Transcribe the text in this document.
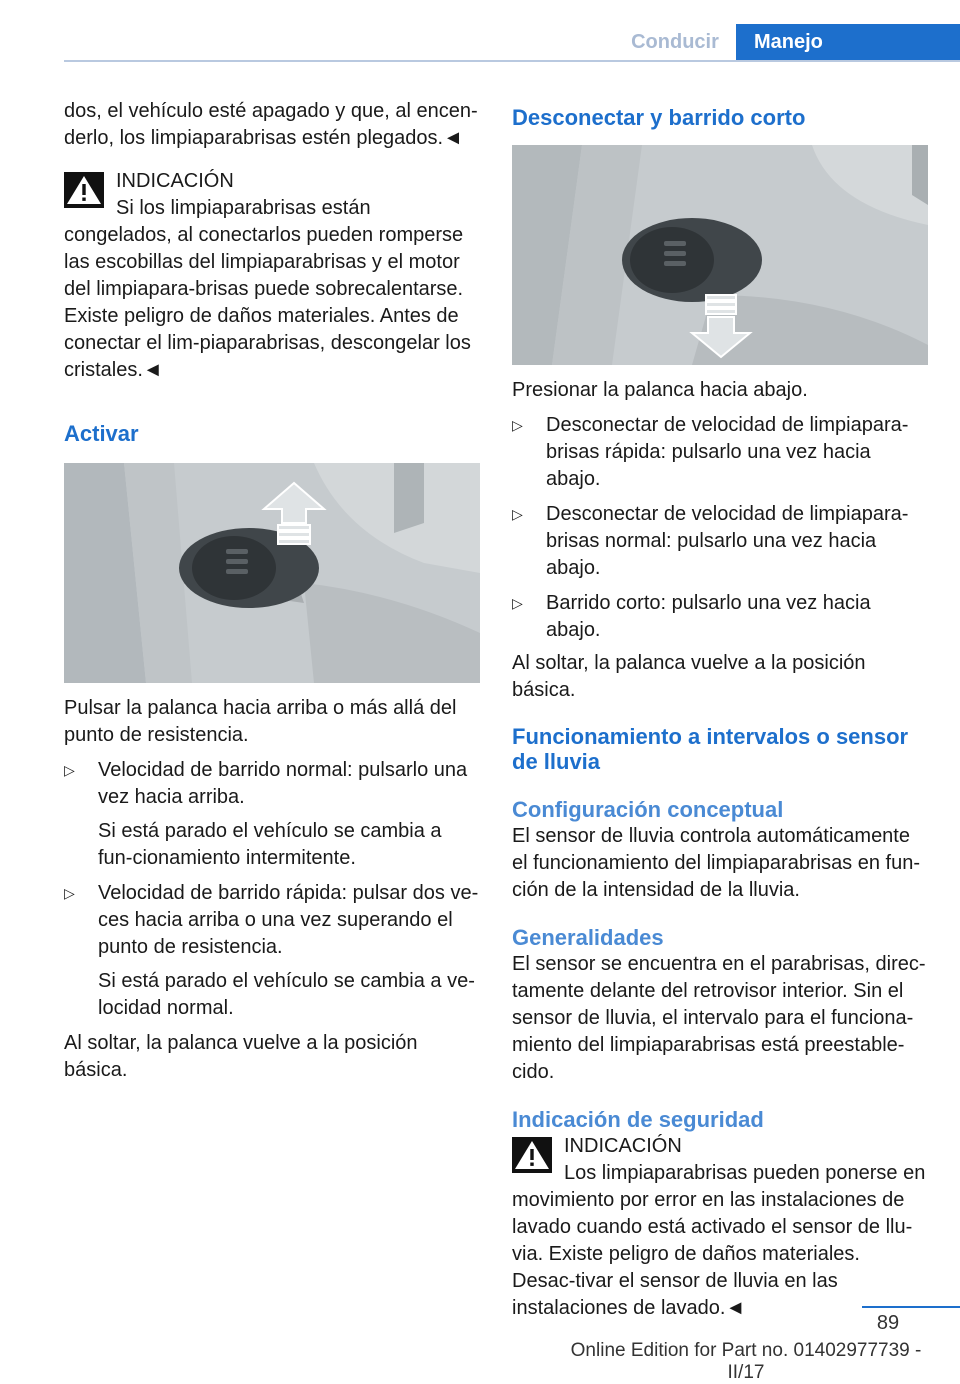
Conducir	Manejo

dos, el vehículo esté apagado y que, al encen-
derlo, los limpiaparabrisas estén plegados.◄

INDICACIÓN

Si los limpiaparabrisas están congelados, al conectarlos pueden romperse las escobillas del limpiaparabrisas y el motor del limpiapara-brisas puede sobrecalentarse. Existe peligro de daños materiales. Antes de conectar el lim-piaparabrisas, descongelar los cristales.◄

Activar

Pulsar la palanca hacia arriba o más allá del punto de resistencia.

▷ Velocidad de barrido normal: pulsarlo una vez hacia arriba.
Si está parado el vehículo se cambia a fun-cionamiento intermitente.
▷ Velocidad de barrido rápida: pulsar dos ve-ces hacia arriba o una vez superando el punto de resistencia.
Si está parado el vehículo se cambia a ve-locidad normal.

Al soltar, la palanca vuelve a la posición básica.

Desconectar y barrido corto

Presionar la palanca hacia abajo.

▷ Desconectar de velocidad de limpiapara-brisas rápida: pulsarlo una vez hacia abajo.
▷ Desconectar de velocidad de limpiapara-brisas normal: pulsarlo una vez hacia abajo.
▷ Barrido corto: pulsarlo una vez hacia abajo.

Al soltar, la palanca vuelve a la posición básica.

Funcionamiento a intervalos o sensor de lluvia
Configuración conceptual

El sensor de lluvia controla automáticamente el funcionamiento del limpiaparabrisas en fun-ción de la intensidad de la lluvia.

Generalidades

El sensor se encuentra en el parabrisas, direc-tamente delante del retrovisor interior. Sin el sensor de lluvia, el intervalo para el funciona-miento del limpiaparabrisas está preestable-cido.

Indicación de seguridad

INDICACIÓN

Los limpiaparabrisas pueden ponerse en movimiento por error en las instalaciones de lavado cuando está activado el sensor de llu-via. Existe peligro de daños materiales. Desac-tivar el sensor de lluvia en las instalaciones de lavado.◄

89
Online Edition for Part no. 01402977739 - II/17
